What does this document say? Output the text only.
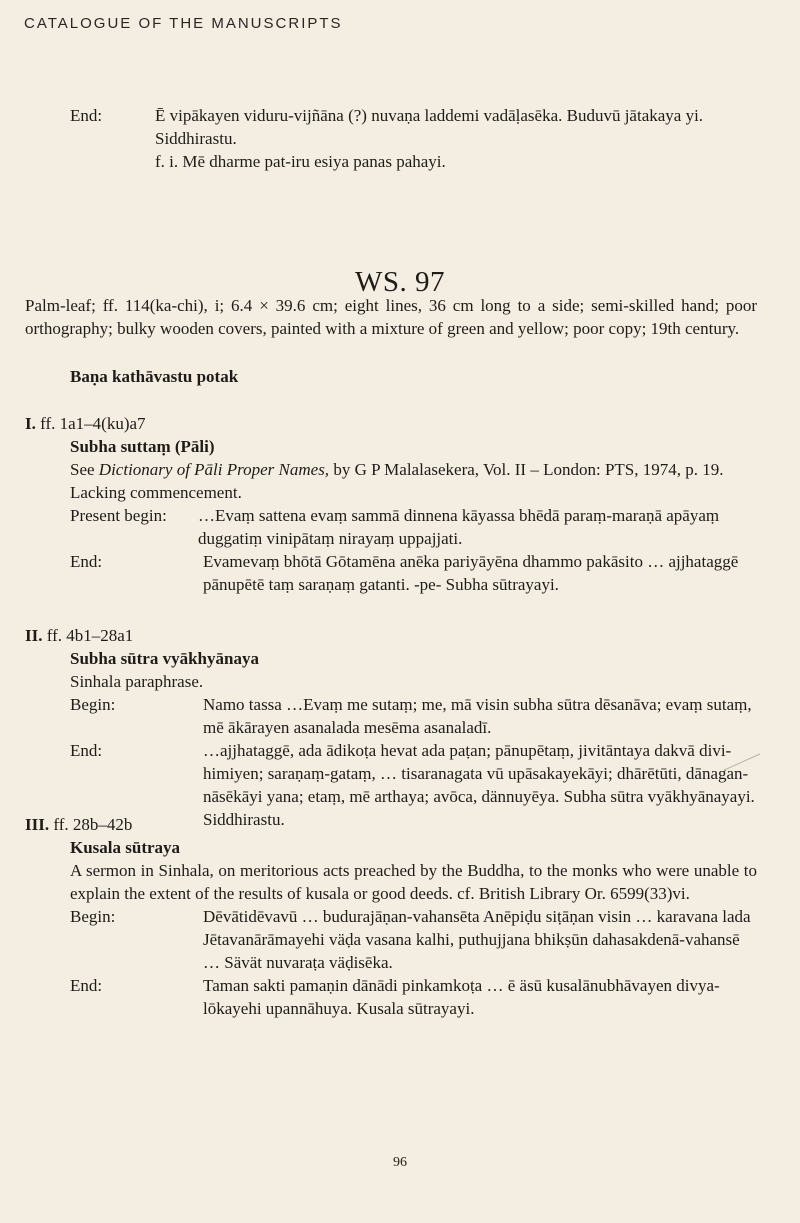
CATALOGUE OF THE MANUSCRIPTS
End:	Ē vipākayen viduru-vijñāna (?) nuvaṇa laddemi vadāḷasēka. Buduvū jātakaya yi. Siddhirastu.
f. i. Mē dharme pat-iru esiya panas pahayi.
WS. 97
Palm-leaf; ff. 114(ka-chi), i; 6.4 × 39.6 cm; eight lines, 36 cm long to a side; semi-skilled hand; poor orthography; bulky wooden covers, painted with a mixture of green and yellow; poor copy; 19th century.
Baṇa kathāvastu potak
I. ff. 1a1–4(ku)a7
Subha suttaṃ (Pāli)
See Dictionary of Pāli Proper Names, by G P Malalasekera, Vol. II – London: PTS, 1974, p. 19.
Lacking commencement.
Present begin:	…Evaṃ sattena evaṃ sammā dinnena kāyassa bhēdā paraṃ-maraṇā apāyaṃ duggatiṃ vinipātaṃ nirayaṃ uppajjati.
End:	Evamevaṃ bhōtā Gōtamēna anēka pariyāyēna dhammo pakāsito … ajjhataggē pānupētē taṃ saraṇaṃ gatanti. -pe- Subha sūtrayayi.
II. ff. 4b1–28a1
Subha sūtra vyākhyānaya
Sinhala paraphrase.
Begin:	Namo tassa …Evaṃ me sutaṃ; me, mā visin subha sūtra dēsanāva; evaṃ sutaṃ, mē ākārayen asanalada mesēma asanaladī.
End:	…ajjhataggē, ada ādikoṭa hevat ada paṭan; pānupētaṃ, jivitāntaya dakvā divi-himiyen; saraṇaṃ-gataṃ, … tisaranagata vū upāsakayekāyi; dhārētūti, dānagan-nāsēkāyi yana; etaṃ, mē arthaya; avōca, dännuyēya. Subha sūtra vyākhyānayayi. Siddhirastu.
III. ff. 28b–42b
Kusala sūtraya
A sermon in Sinhala, on meritorious acts preached by the Buddha, to the monks who were unable to explain the extent of the results of kusala or good deeds. cf. British Library Or. 6599(33)vi.
Begin:	Dēvātidēvavū … budurajāṇan-vahansēta Anēpiḍu siṭāṇan visin … karavana lada Jētavanārāmayehi väḍa vasana kalhi, puthujjana bhikṣūn dahasakdenā-vahansē … Sävät nuvaraṭa väḍisēka.
End:	Taman sakti pamaṇin dānādi pinkamkoṭa … ē äsū kusalānubhāvayen divya-lōkayehi upannāhuya. Kusala sūtrayayi.
96
